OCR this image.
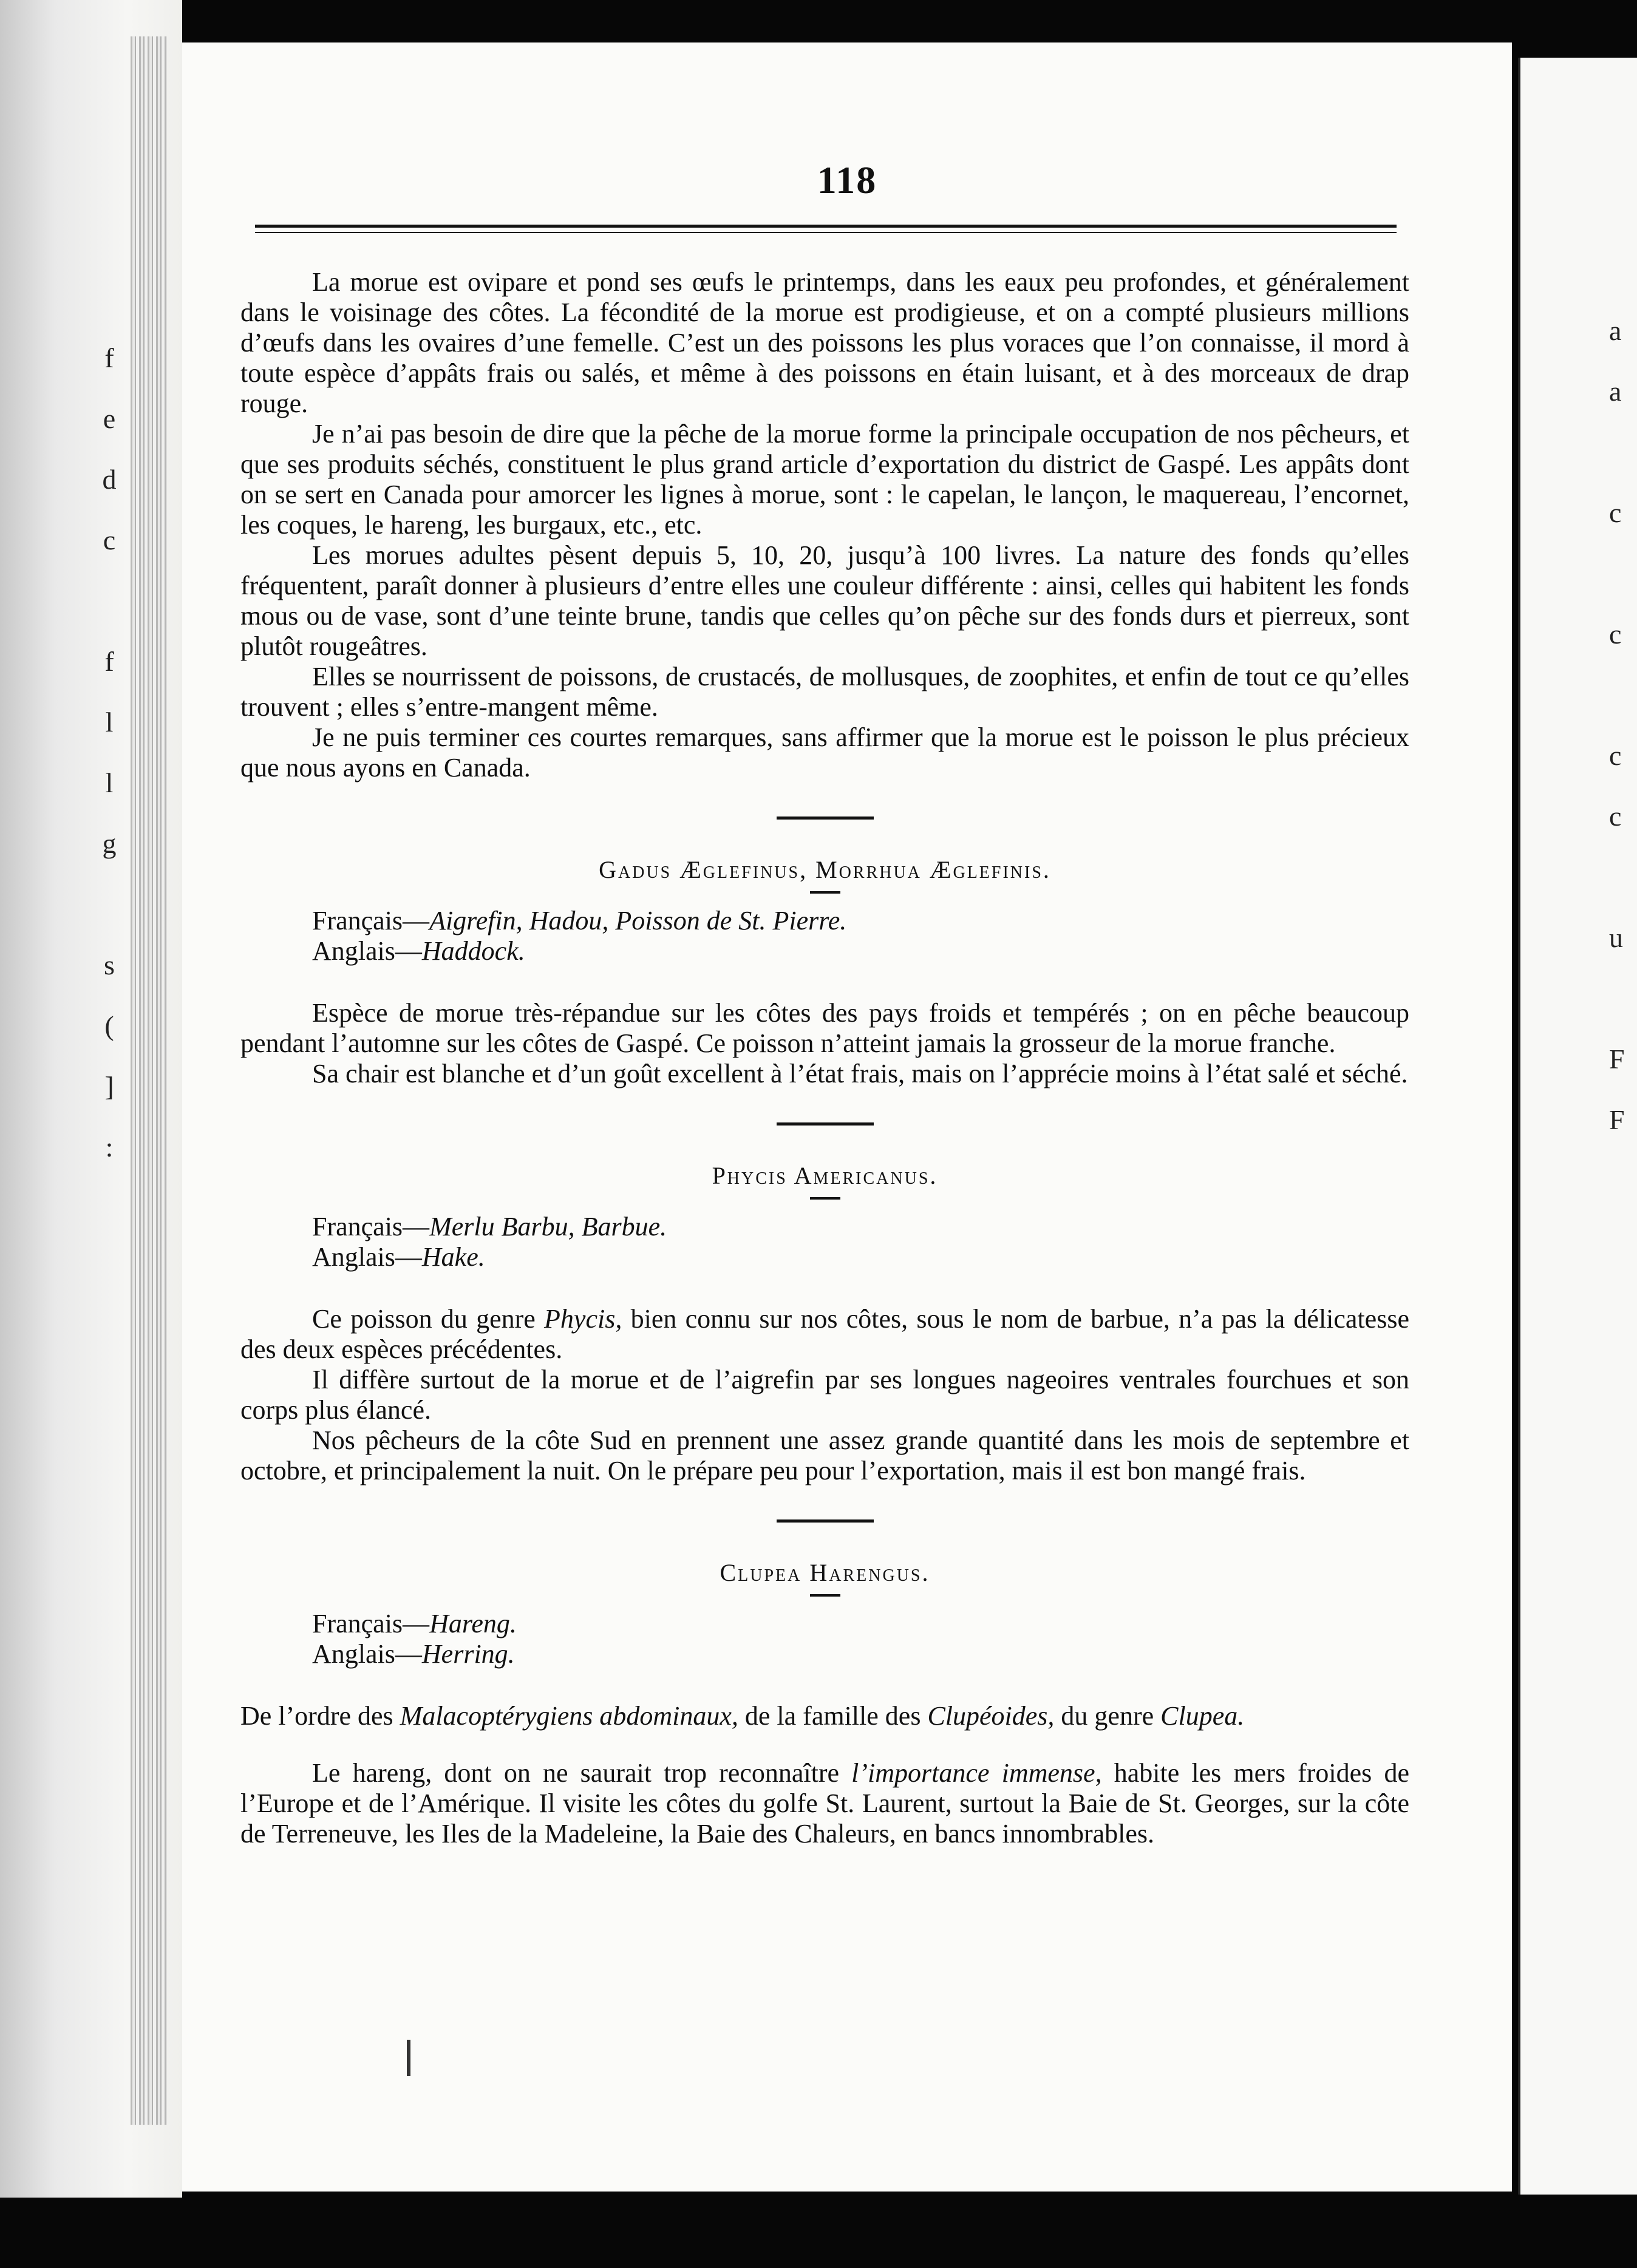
f
e
d
c
f
l
l
g
s
(
]
:
a
a
c
c
c
c
u
F
F
118

La morue est ovipare et pond ses œufs le printemps, dans les eaux peu profondes, et généralement dans le voisinage des côtes. La fécondité de la morue est prodigieuse, et on a compté plusieurs millions d’œufs dans les ovaires d’une femelle. C’est un des poissons les plus voraces que l’on connaisse, il mord à toute espèce d’appâts frais ou salés, et même à des poissons en étain luisant, et à des morceaux de drap rouge.

Je n’ai pas besoin de dire que la pêche de la morue forme la principale occupation de nos pêcheurs, et que ses produits séchés, constituent le plus grand article d’exportation du district de Gaspé. Les appâts dont on se sert en Canada pour amorcer les lignes à morue, sont : le capelan, le lançon, le maquereau, l’encornet, les coques, le hareng, les burgaux, etc., etc.

Les morues adultes pèsent depuis 5, 10, 20, jusqu’à 100 livres. La nature des fonds qu’elles fréquentent, paraît donner à plusieurs d’entre elles une couleur différente : ainsi, celles qui habitent les fonds mous ou de vase, sont d’une teinte brune, tandis que celles qu’on pêche sur des fonds durs et pierreux, sont plutôt rougeâtres.

Elles se nourrissent de poissons, de crustacés, de mollusques, de zoophites, et enfin de tout ce qu’elles trouvent ; elles s’entre-mangent même.

Je ne puis terminer ces courtes remarques, sans affirmer que la morue est le poisson le plus précieux que nous ayons en Canada.

Gadus Æglefinus, Morrhua Æglefinis.
Français—Aigrefin, Hadou, Poisson de St. Pierre.
Anglais—Haddock.

Espèce de morue très-répandue sur les côtes des pays froids et tempérés ; on en pêche beaucoup pendant l’automne sur les côtes de Gaspé. Ce poisson n’atteint jamais la grosseur de la morue franche.

Sa chair est blanche et d’un goût excellent à l’état frais, mais on l’apprécie moins à l’état salé et séché.

Phycis Americanus.
Français—Merlu Barbu, Barbue.
Anglais—Hake.

Ce poisson du genre Phycis, bien connu sur nos côtes, sous le nom de barbue, n’a pas la délicatesse des deux espèces précédentes.

Il diffère surtout de la morue et de l’aigrefin par ses longues nageoires ventrales fourchues et son corps plus élancé.

Nos pêcheurs de la côte Sud en prennent une assez grande quantité dans les mois de septembre et octobre, et principalement la nuit. On le prépare peu pour l’exportation, mais il est bon mangé frais.

Clupea Harengus.
Français—Hareng.
Anglais—Herring.

De l’ordre des Malacoptérygiens abdominaux, de la famille des Clupéoides, du genre Clupea.

Le hareng, dont on ne saurait trop reconnaître l’importance immense, habite les mers froides de l’Europe et de l’Amérique. Il visite les côtes du golfe St. Laurent, surtout la Baie de St. Georges, sur la côte de Terreneuve, les Iles de la Madeleine, la Baie des Chaleurs, en bancs innombrables.
